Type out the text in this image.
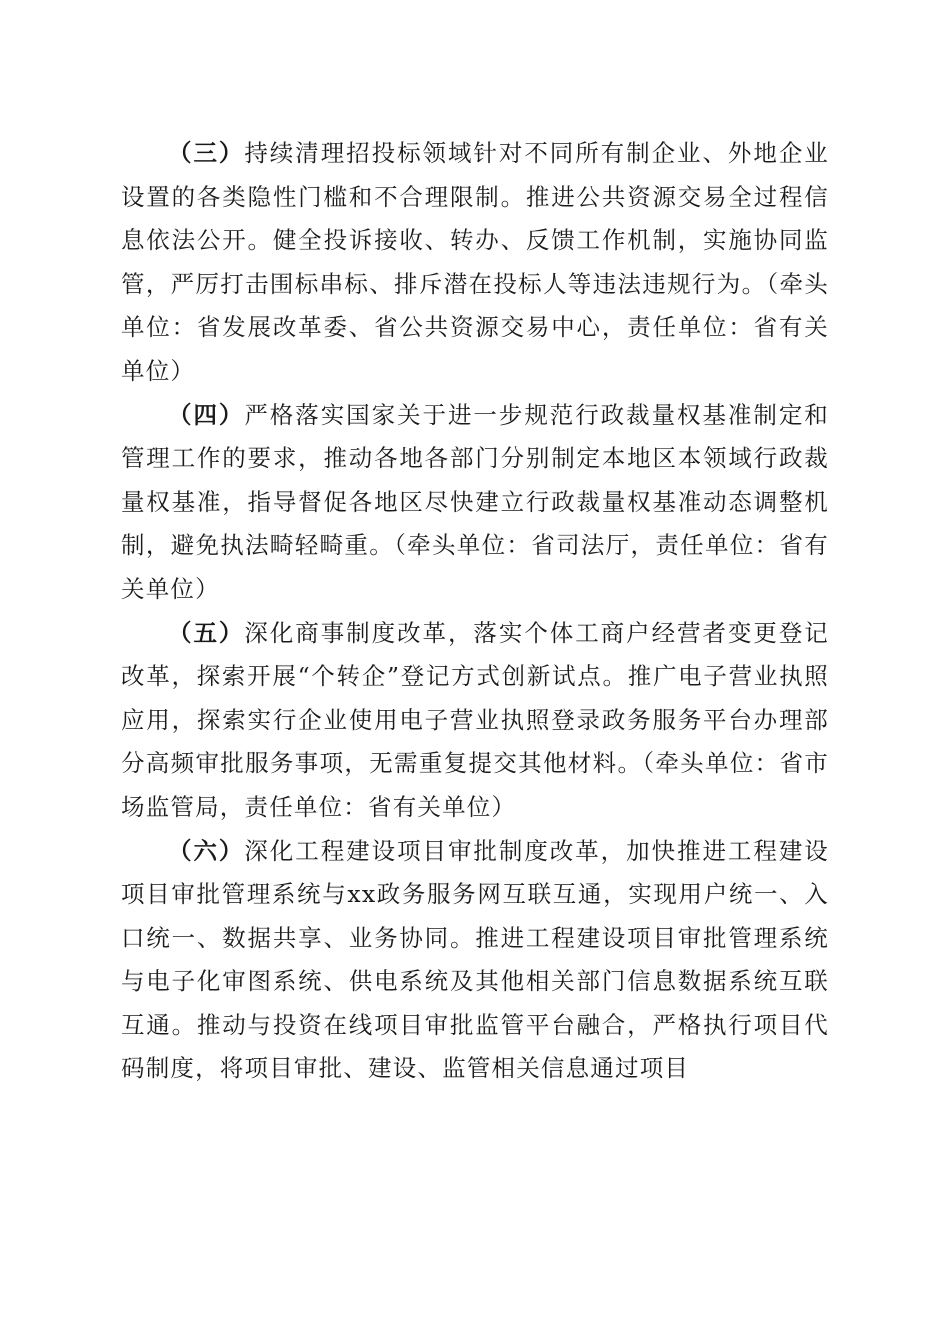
（三）持续清理招投标领域针对不同所有制企业、外地企业设置的各类隐性门槛和不合理限制。推进公共资源交易全过程信息依法公开。健全投诉接收、转办、反馈工作机制，实施协同监管，严厉打击围标串标、排斥潜在投标人等违法违规行为。（牵头单位：省发展改革委、省公共资源交易中心，责任单位：省有关单位）

（四）严格落实国家关于进一步规范行政裁量权基准制定和管理工作的要求，推动各地各部门分别制定本地区本领域行政裁量权基准，指导督促各地区尽快建立行政裁量权基准动态调整机制，避免执法畸轻畸重。（牵头单位：省司法厅，责任单位：省有关单位）

（五）深化商事制度改革，落实个体工商户经营者变更登记改革，探索开展“个转企”登记方式创新试点。推广电子营业执照应用，探索实行企业使用电子营业执照登录政务服务平台办理部分高频审批服务事项，无需重复提交其他材料。（牵头单位：省市场监管局，责任单位：省有关单位）

（六）深化工程建设项目审批制度改革，加快推进工程建设项目审批管理系统与xx政务服务网互联互通，实现用户统一、入口统一、数据共享、业务协同。推进工程建设项目审批管理系统与电子化审图系统、供电系统及其他相关部门信息数据系统互联互通。推动与投资在线项目审批监管平台融合，严格执行项目代码制度，将项目审批、建设、监管相关信息通过项目
